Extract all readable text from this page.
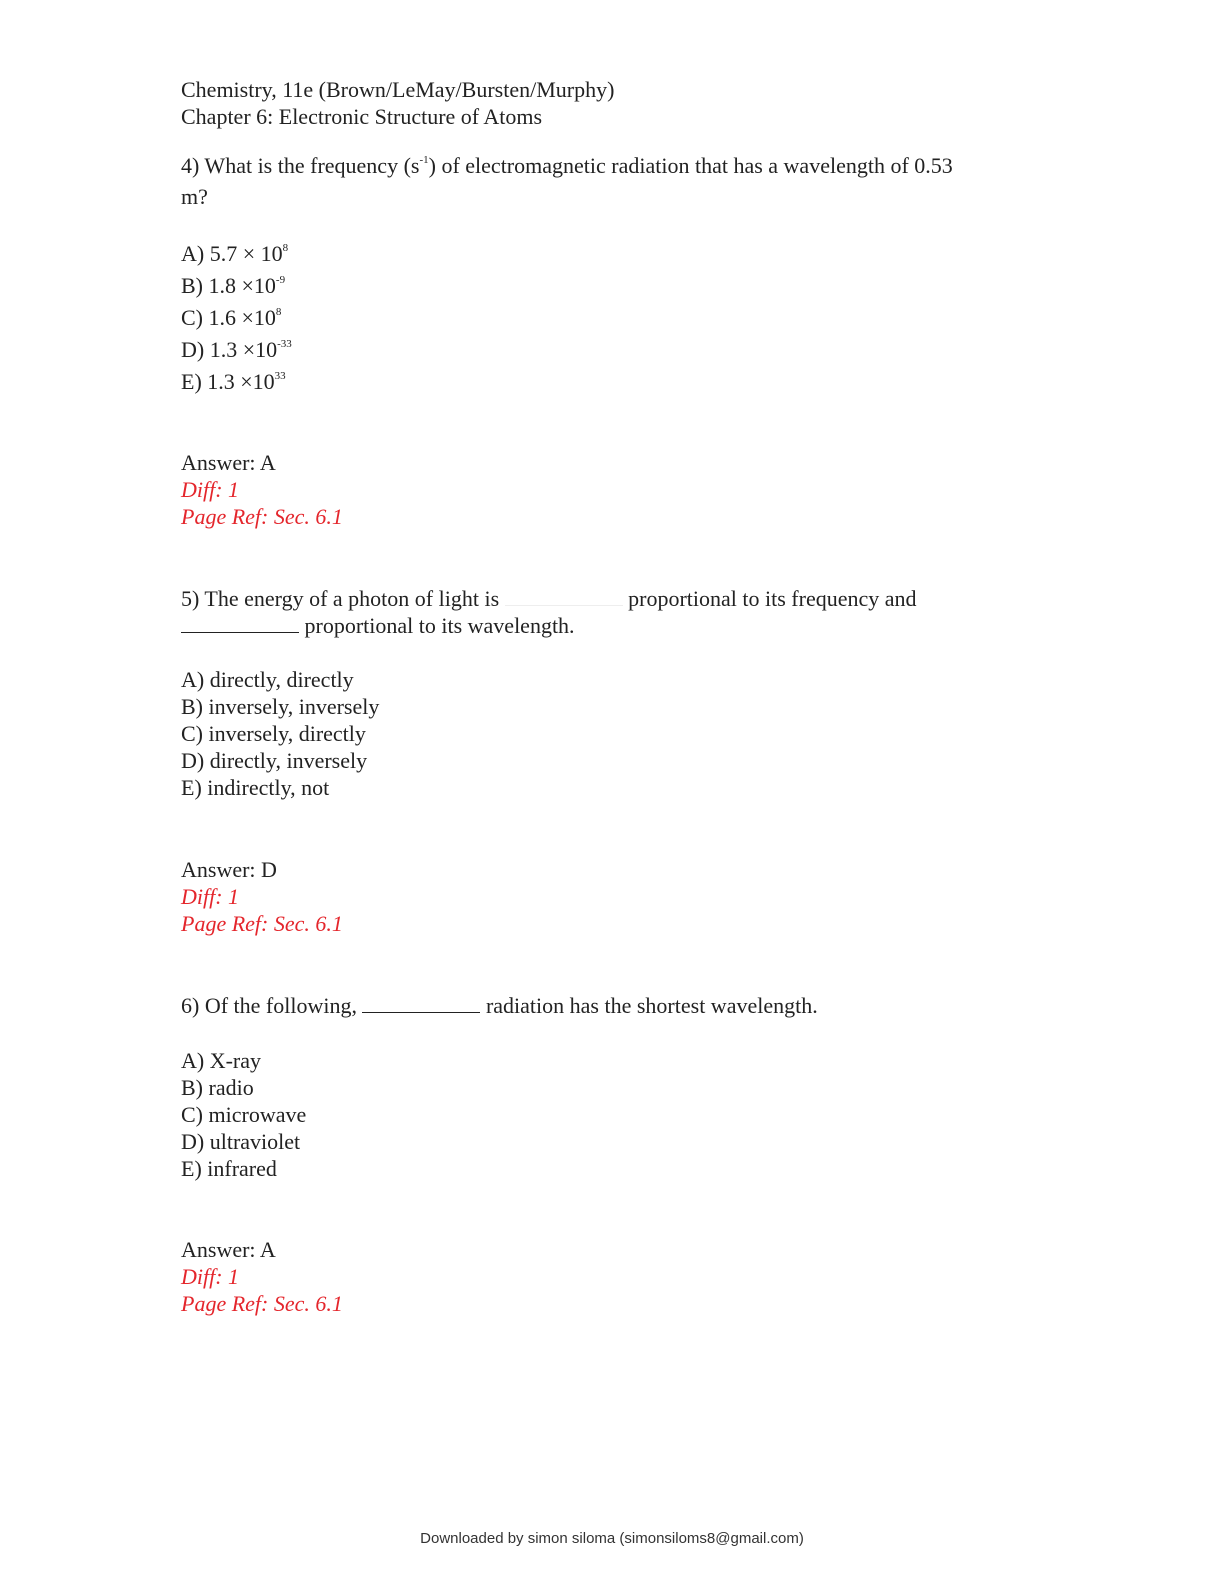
Chemistry, 11e (Brown/LeMay/Bursten/Murphy)
Chapter 6: Electronic Structure of Atoms
4) What is the frequency $(s^{-1})$ of electromagnetic radiation that has a wavelength of 0.53
m?
A) $5.7 \times 10^8$
B) $1.8 \times 10^{-9}$
C) $1.6 \times 10^8$
D) $1.3 \times 10^{-33}$
E) $1.3 \times 10^{33}$
Answer: A
Diff: 1
Page Ref: Sec. 6.1
5) The energy of a photon of light is	proportional to its frequency and
proportional to its wavelength.
A) directly, directly
B) inversely, inversely
C) inversely, directly
D) directly, inversely
E) indirectly, not
Answer: D
Diff: 1
Page Ref: Sec. 6.1
6) Of the following,	radiation has the shortest wavelength.
A) X-ray
B) radio
C) microwave
D) ultraviolet
E) infrared
Answer: A
Diff: 1
Page Ref: Sec. 6.1
Downloaded by simon siloma (simonsiloms8@gmail.com)
